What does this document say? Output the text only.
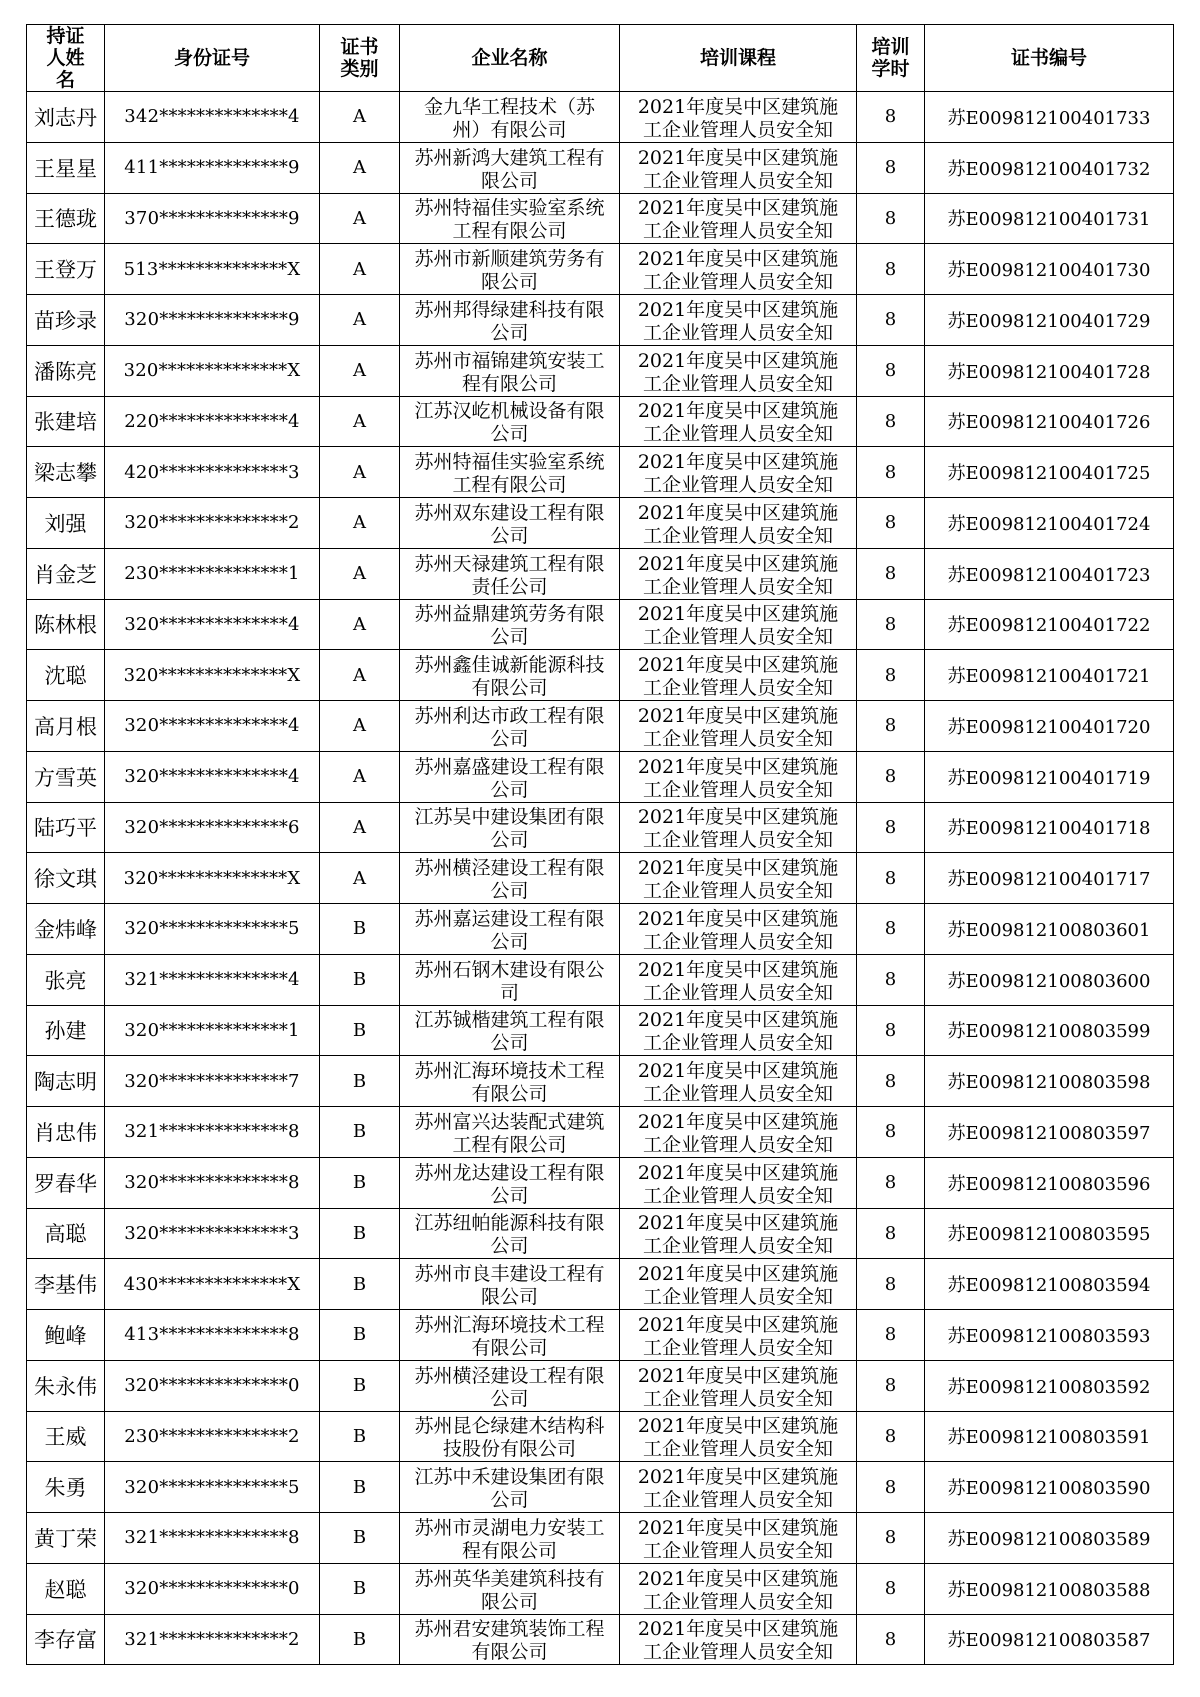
持证人姓名	身份证号	证书类别	企业名称	培训课程	培训学时	证书编号
刘志丹	342**************4	A	金九华工程技术（苏州）有限公司	2021年度吴中区建筑施工企业管理人员安全知	8	苏E009812100401733
王星星	411**************9	A	苏州新鸿大建筑工程有限公司	2021年度吴中区建筑施工企业管理人员安全知	8	苏E009812100401732
王德珑	370**************9	A	苏州特福佳实验室系统工程有限公司	2021年度吴中区建筑施工企业管理人员安全知	8	苏E009812100401731
王登万	513**************X	A	苏州市新顺建筑劳务有限公司	2021年度吴中区建筑施工企业管理人员安全知	8	苏E009812100401730
苗珍录	320**************9	A	苏州邦得绿建科技有限公司	2021年度吴中区建筑施工企业管理人员安全知	8	苏E009812100401729
潘陈亮	320**************X	A	苏州市福锦建筑安装工程有限公司	2021年度吴中区建筑施工企业管理人员安全知	8	苏E009812100401728
张建培	220**************4	A	江苏汉屹机械设备有限公司	2021年度吴中区建筑施工企业管理人员安全知	8	苏E009812100401726
梁志攀	420**************3	A	苏州特福佳实验室系统工程有限公司	2021年度吴中区建筑施工企业管理人员安全知	8	苏E009812100401725
刘强	320**************2	A	苏州双东建设工程有限公司	2021年度吴中区建筑施工企业管理人员安全知	8	苏E009812100401724
肖金芝	230**************1	A	苏州天禄建筑工程有限责任公司	2021年度吴中区建筑施工企业管理人员安全知	8	苏E009812100401723
陈林根	320**************4	A	苏州益鼎建筑劳务有限公司	2021年度吴中区建筑施工企业管理人员安全知	8	苏E009812100401722
沈聪	320**************X	A	苏州鑫佳诚新能源科技有限公司	2021年度吴中区建筑施工企业管理人员安全知	8	苏E009812100401721
高月根	320**************4	A	苏州利达市政工程有限公司	2021年度吴中区建筑施工企业管理人员安全知	8	苏E009812100401720
方雪英	320**************4	A	苏州嘉盛建设工程有限公司	2021年度吴中区建筑施工企业管理人员安全知	8	苏E009812100401719
陆巧平	320**************6	A	江苏吴中建设集团有限公司	2021年度吴中区建筑施工企业管理人员安全知	8	苏E009812100401718
徐文琪	320**************X	A	苏州横泾建设工程有限公司	2021年度吴中区建筑施工企业管理人员安全知	8	苏E009812100401717
金炜峰	320**************5	B	苏州嘉运建设工程有限公司	2021年度吴中区建筑施工企业管理人员安全知	8	苏E009812100803601
张亮	321**************4	B	苏州石钢木建设有限公司	2021年度吴中区建筑施工企业管理人员安全知	8	苏E009812100803600
孙建	320**************1	B	江苏铖楷建筑工程有限公司	2021年度吴中区建筑施工企业管理人员安全知	8	苏E009812100803599
陶志明	320**************7	B	苏州汇海环境技术工程有限公司	2021年度吴中区建筑施工企业管理人员安全知	8	苏E009812100803598
肖忠伟	321**************8	B	苏州富兴达装配式建筑工程有限公司	2021年度吴中区建筑施工企业管理人员安全知	8	苏E009812100803597
罗春华	320**************8	B	苏州龙达建设工程有限公司	2021年度吴中区建筑施工企业管理人员安全知	8	苏E009812100803596
高聪	320**************3	B	江苏纽帕能源科技有限公司	2021年度吴中区建筑施工企业管理人员安全知	8	苏E009812100803595
李基伟	430**************X	B	苏州市良丰建设工程有限公司	2021年度吴中区建筑施工企业管理人员安全知	8	苏E009812100803594
鲍峰	413**************8	B	苏州汇海环境技术工程有限公司	2021年度吴中区建筑施工企业管理人员安全知	8	苏E009812100803593
朱永伟	320**************0	B	苏州横泾建设工程有限公司	2021年度吴中区建筑施工企业管理人员安全知	8	苏E009812100803592
王威	230**************2	B	苏州昆仑绿建木结构科技股份有限公司	2021年度吴中区建筑施工企业管理人员安全知	8	苏E009812100803591
朱勇	320**************5	B	江苏中禾建设集团有限公司	2021年度吴中区建筑施工企业管理人员安全知	8	苏E009812100803590
黄丁荣	321**************8	B	苏州市灵湖电力安装工程有限公司	2021年度吴中区建筑施工企业管理人员安全知	8	苏E009812100803589
赵聪	320**************0	B	苏州英华美建筑科技有限公司	2021年度吴中区建筑施工企业管理人员安全知	8	苏E009812100803588
李存富	321**************2	B	苏州君安建筑装饰工程有限公司	2021年度吴中区建筑施工企业管理人员安全知	8	苏E009812100803587
